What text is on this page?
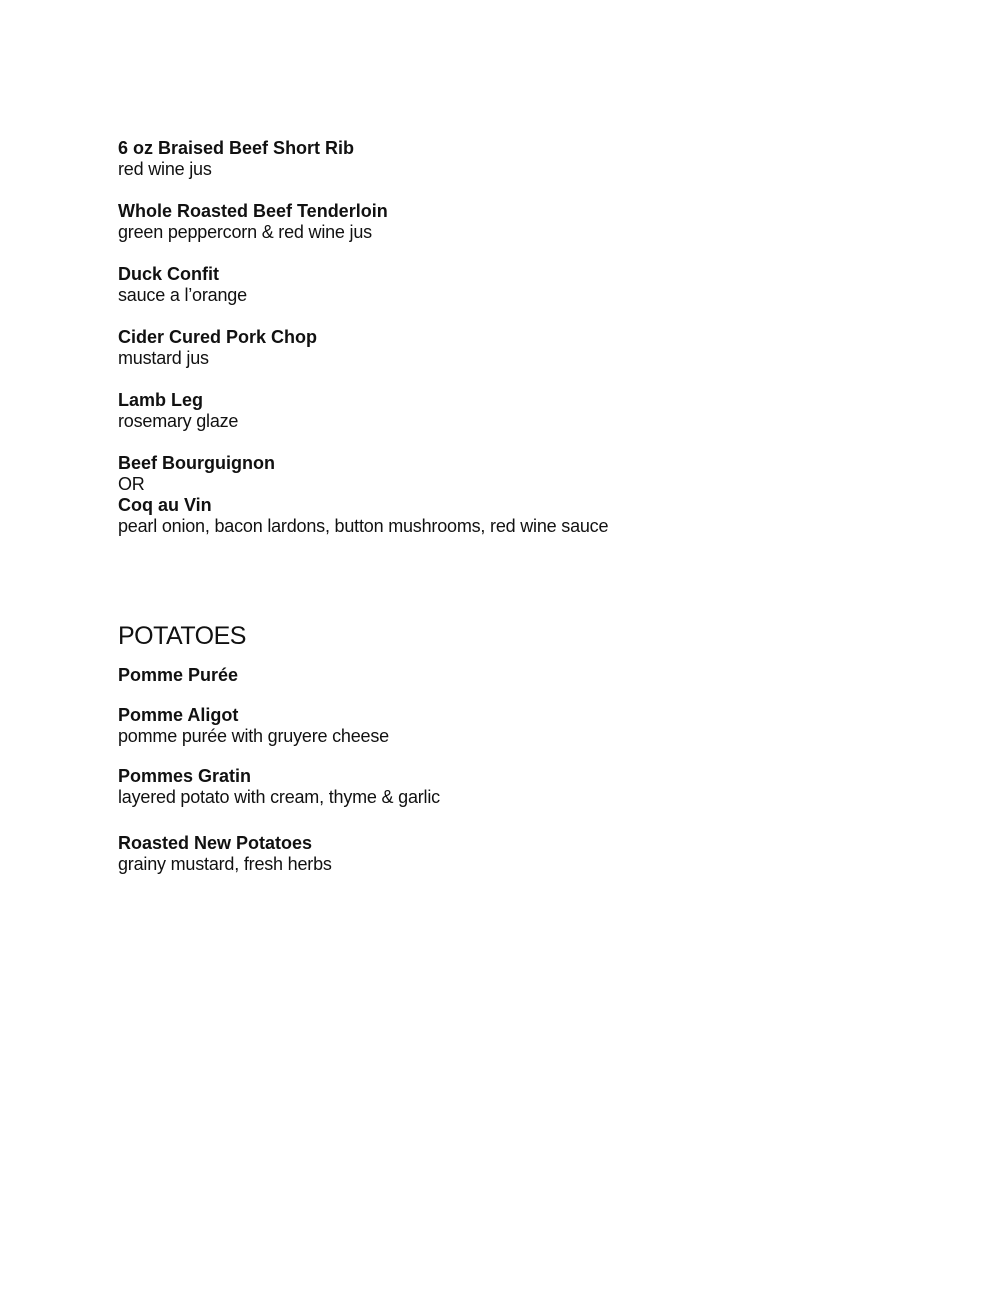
6 oz Braised Beef Short Rib
red wine jus
Whole Roasted Beef Tenderloin
green peppercorn & red wine jus
Duck Confit
sauce a l’orange
Cider Cured Pork Chop
mustard jus
Lamb Leg
rosemary glaze
Beef Bourguignon
OR
Coq au Vin
pearl onion, bacon lardons, button mushrooms, red wine sauce
POTATOES
Pomme Purée
Pomme Aligot
pomme purée with gruyere cheese
Pommes Gratin
layered potato with cream, thyme & garlic
Roasted New Potatoes
grainy mustard, fresh herbs
